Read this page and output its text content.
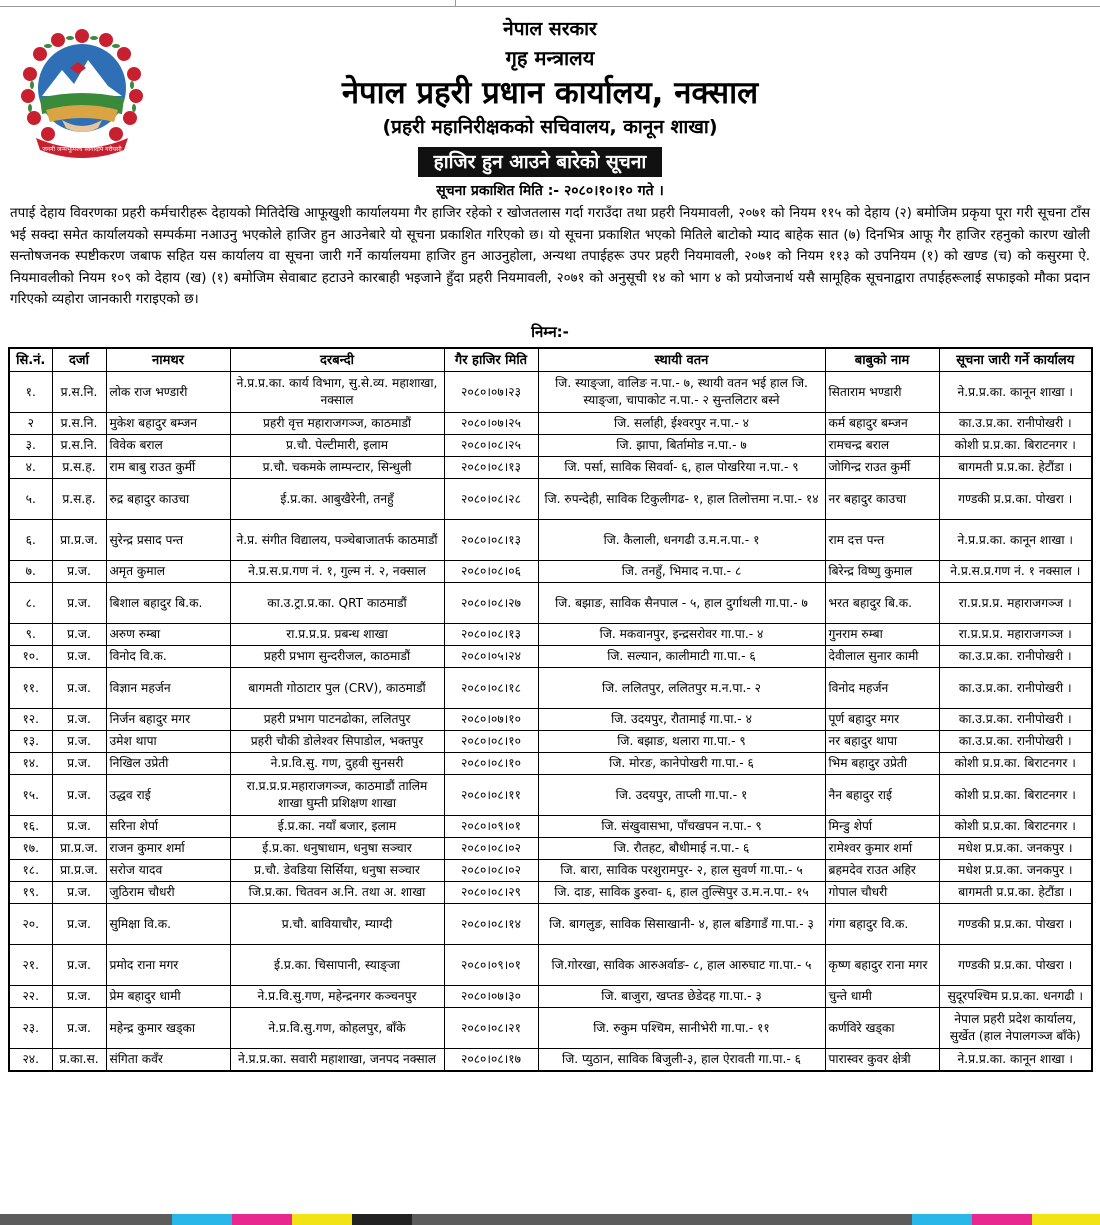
जननी जन्मभूमिश्च स्वर्गादपि गरीयसी
नेपाल सरकार
गृह मन्त्रालय
नेपाल प्रहरी प्रधान कार्यालय, नक्साल
(प्रहरी महानिरीक्षकको सचिवालय, कानून शाखा)
हाजिर हुन आउने बारेको सूचना
सूचना प्रकाशित मिति :- २०८०।१०।१० गते ।
तपाई देहाय विवरणका प्रहरी कर्मचारीहरू देहायको मितिदेखि आफूखुशी कार्यालयमा गैर हाजिर रहेको र खोजतलास गर्दा गराउँदा तथा प्रहरी नियमावली, २०७१ को नियम ११५ को देहाय (२) बमोजिम प्रकृया पूरा गरी सूचना टाँस भई सक्दा समेत कार्यालयको सम्पर्कमा नआउनु भएकोले हाजिर हुन आउनेबारे यो सूचना प्रकाशित गरिएको छ। यो सूचना प्रकाशित भएको मितिले बाटोको म्याद बाहेक सात (७) दिनभित्र आफू गैर हाजिर रहनुको कारण खोली सन्तोषजनक स्पष्टीकरण जबाफ सहित यस कार्यालय वा सूचना जारी गर्ने कार्यालयमा हाजिर हुन आउनुहोला, अन्यथा तपाईहरू उपर प्रहरी नियमावली, २०७१ को नियम ११३ को उपनियम (१) को खण्ड (च) को कसुरमा ऐ. नियमावलीको नियम १०९ को देहाय (ख) (१) बमोजिम सेवाबाट हटाउने कारबाही भइजाने हुँदा प्रहरी नियमावली, २०७१ को अनुसूची १४ को भाग ४ को प्रयोजनार्थ यसै सामूहिक सूचनाद्वारा तपाईहरूलाई सफाइको मौका प्रदान गरिएको व्यहोरा जानकारी गराइएको छ।
निम्न:-
सि.नं.	दर्जा	नामथर	दरबन्दी	गैर हाजिर मिति	स्थायी वतन	बाबुको नाम	सूचना जारी गर्ने कार्यालय
१.	प्र.स.नि.	लोक राज भण्डारी	ने.प्र.प्र.का. कार्य विभाग, सु.से.व्य. महाशाखा, नक्साल	२०८०।०७।२३	जि. स्याङ्जा, वालिङ न.पा.- ७, स्थायी वतन भई हाल जि. स्याङ्जा, चापाकोट न.पा.- २ सुन्तलिटार बस्ने	सिताराम भण्डारी	ने.प्र.प्र.का. कानून शाखा ।
२	प्र.स.नि.	मुकेश बहादुर बम्जन	प्रहरी वृत्त महाराजगञ्ज, काठमाडौं	२०८०।०७।२५	जि. सर्लाही, ईश्वरपुर न.पा.- ४	कर्म बहादुर बम्जन	का.उ.प्र.का. रानीपोखरी ।
३.	प्र.स.नि.	विवेक बराल	प्र.चौ. पेल्टीमारी, इलाम	२०८०।०८।२५	जि. झापा, बिर्तामोड न.पा.- ७	रामचन्द्र बराल	कोशी प्र.प्र.का. बिराटनगर ।
४.	प्र.स.ह.	राम बाबु राउत कुर्मी	प्र.चौ. चकमके लाम्पन्टार, सिन्धुली	२०८०।०८।१३	जि. पर्सा, साविक सिवर्वा- ६, हाल पोखरिया न.पा.- ९	जोगिन्द्र राउत कुर्मी	बागमती प्र.प्र.का. हेटौंडा ।
५.	प्र.स.ह.	रुद्र बहादुर काउचा	ई.प्र.का. आबुखैरेनी, तनहुँ	२०८०।०८।२८	जि. रुपन्देही, साविक टिकुलीगढ- १, हाल तिलोत्तमा न.पा.- १४	नर बहादुर काउचा	गण्डकी प्र.प्र.का. पोखरा ।
६.	प्रा.प्र.ज.	सुरेन्द्र प्रसाद पन्त	ने.प्र. संगीत विद्यालय, पञ्चेबाजातर्फ काठमाडौं	२०८०।०८।१३	जि. कैलाली, धनगढी उ.म.न.पा.- १	राम दत्त पन्त	ने.प्र.प्र.का. कानून शाखा ।
७.	प्र.ज.	अमृत कुमाल	ने.प्र.स.प्र.गण नं. १, गुल्म नं. २, नक्साल	२०८०।०८।०६	जि. तनहुँ, भिमाद न.पा.- ८	बिरेन्द्र विष्णु कुमाल	ने.प्र.स.प्र.गण नं. १ नक्साल ।
८.	प्र.ज.	बिशाल बहादुर बि.क.	का.उ.ट्रा.प्र.का. QRT काठमाडौं	२०८०।०८।२७	जि. बझाङ, साविक सैनपाल - ५, हाल दुर्गाथली गा.पा.- ७	भरत बहादुर बि.क.	रा.प्र.प्र.प्र. महाराजगञ्ज ।
९.	प्र.ज.	अरुण रुम्बा	रा.प्र.प्र.प्र. प्रबन्ध शाखा	२०८०।०८।१३	जि. मकवानपुर, इन्द्रसरोवर गा.पा.- ४	गुनराम रुम्बा	रा.प्र.प्र.प्र. महाराजगञ्ज ।
१०.	प्र.ज.	विनोद वि.क.	प्रहरी प्रभाग सुन्दरीजल, काठमाडौं	२०८०।०५।२४	जि. सल्यान, कालीमाटी गा.पा.- ६	देवीलाल सुनार कामी	का.उ.प्र.का. रानीपोखरी ।
११.	प्र.ज.	विज्ञान महर्जन	बागमती गोठाटार पुल (CRV), काठमाडौं	२०८०।०८।१८	जि. ललितपुर, ललितपुर म.न.पा.- २	विनोद महर्जन	का.उ.प्र.का. रानीपोखरी ।
१२.	प्र.ज.	निर्जन बहादुर मगर	प्रहरी प्रभाग पाटनढोका, ललितपुर	२०८०।०७।१०	जि. उदयपुर, रौतामाई गा.पा.- ४	पूर्ण बहादुर मगर	का.उ.प्र.का. रानीपोखरी ।
१३.	प्र.ज.	उमेश थापा	प्रहरी चौकी डोलेश्वर सिपाडोल, भक्तपुर	२०८०।०८।१०	जि. बझाङ, थलारा गा.पा.- ९	नर बहादुर थापा	का.उ.प्र.का. रानीपोखरी ।
१४.	प्र.ज.	निखिल उप्रेती	ने.प्र.वि.सु. गण, दुहवी सुनसरी	२०८०।०८।१०	जि. मोरङ, कानेपोखरी गा.पा.- ६	भिम बहादुर उप्रेती	कोशी प्र.प्र.का. बिराटनगर ।
१५.	प्र.ज.	उद्धव राई	रा.प्र.प्र.प्र.महाराजगञ्ज, काठमाडौं तालिम शाखा घुम्ती प्रशिक्षण शाखा	२०८०।०८।११	जि. उदयपुर, ताप्ली गा.पा.- १	नैन बहादुर राई	कोशी प्र.प्र.का. बिराटनगर ।
१६.	प्र.ज.	सरिना शेर्पा	ई.प्र.का. नयाँ बजार, इलाम	२०८०।०९।०१	जि. संखुवासभा, पाँचखपन न.पा.- ९	मिन्डु शेर्पा	कोशी प्र.प्र.का. बिराटनगर ।
१७.	प्रा.प्र.ज.	राजन कुमार शर्मा	ई.प्र.का. धनुषाधाम, धनुषा सञ्चार	२०८०।०८।०२	जि. रौतहट, बौधीमाई न.पा.- ६	रामेश्वर कुमार शर्मा	मधेश प्र.प्र.का. जनकपुर ।
१८.	प्रा.प्र.ज.	सरोज यादव	प्र.चौ. डेवडिया सिर्सिया, धनुषा सञ्चार	२०८०।०८।०२	जि. बारा, साविक परशुरामपुर- २, हाल सुवर्ण गा.पा.- ५	ब्रहमदेव राउत अहिर	मधेश प्र.प्र.का. जनकपुर ।
१९.	प्र.ज.	जुठिराम चौधरी	जि.प्र.का. चितवन अ.नि. तथा अ. शाखा	२०८०।०८।२९	जि. दाङ, साविक डुरुवा- ६, हाल तुल्सिपुर उ.म.न.पा.- १५	गोपाल चौधरी	बागमती प्र.प्र.का. हेटौंडा ।
२०.	प्र.ज.	सुमिक्षा वि.क.	प्र.चौ. बावियाचौर, म्याग्दी	२०८०।०८।१४	जि. बागलुङ, साविक सिसाखानी- ४, हाल बडिगाडँ गा.पा.- ३	गंगा बहादुर वि.क.	गण्डकी प्र.प्र.का. पोखरा ।
२१.	प्र.ज.	प्रमोद राना मगर	ई.प्र.का. चिसापानी, स्याङ्जा	२०८०।०९।०१	जि.गोरखा, साविक आरुअर्वाङ- ८, हाल आरुघाट गा.पा.- ५	कृष्ण बहादुर राना मगर	गण्डकी प्र.प्र.का. पोखरा ।
२२.	प्र.ज.	प्रेम बहादुर धामी	ने.प्र.वि.सु.गण, महेन्द्रनगर कञ्चनपुर	२०८०।०७।३०	जि. बाजुरा, खप्तड छेडेदह गा.पा.- ३	चुन्ते धामी	सुदूरपश्चिम प्र.प्र.का. धनगढी ।
२३.	प्र.ज.	महेन्द्र कुमार खड्का	ने.प्र.वि.सु.गण, कोहलपुर, बाँके	२०८०।०८।२१	जि. रुकुम पश्चिम, सानीभेरी गा.पा.- ११	कर्णविरे खड्का	नेपाल प्रहरी प्रदेश कार्यालय, सुर्खेत (हाल नेपालगञ्ज बाँके)
२४.	प्र.का.स.	संगिता कवँर	ने.प्र.प्र.का. सवारी महाशाखा, जनपद नक्साल	२०८०।०८।१७	जि. प्युठान, साविक बिजुली-३, हाल ऐरावती गा.पा.- ६	पारास्वर कुवर क्षेत्री	ने.प्र.प्र.का. कानून शाखा ।
